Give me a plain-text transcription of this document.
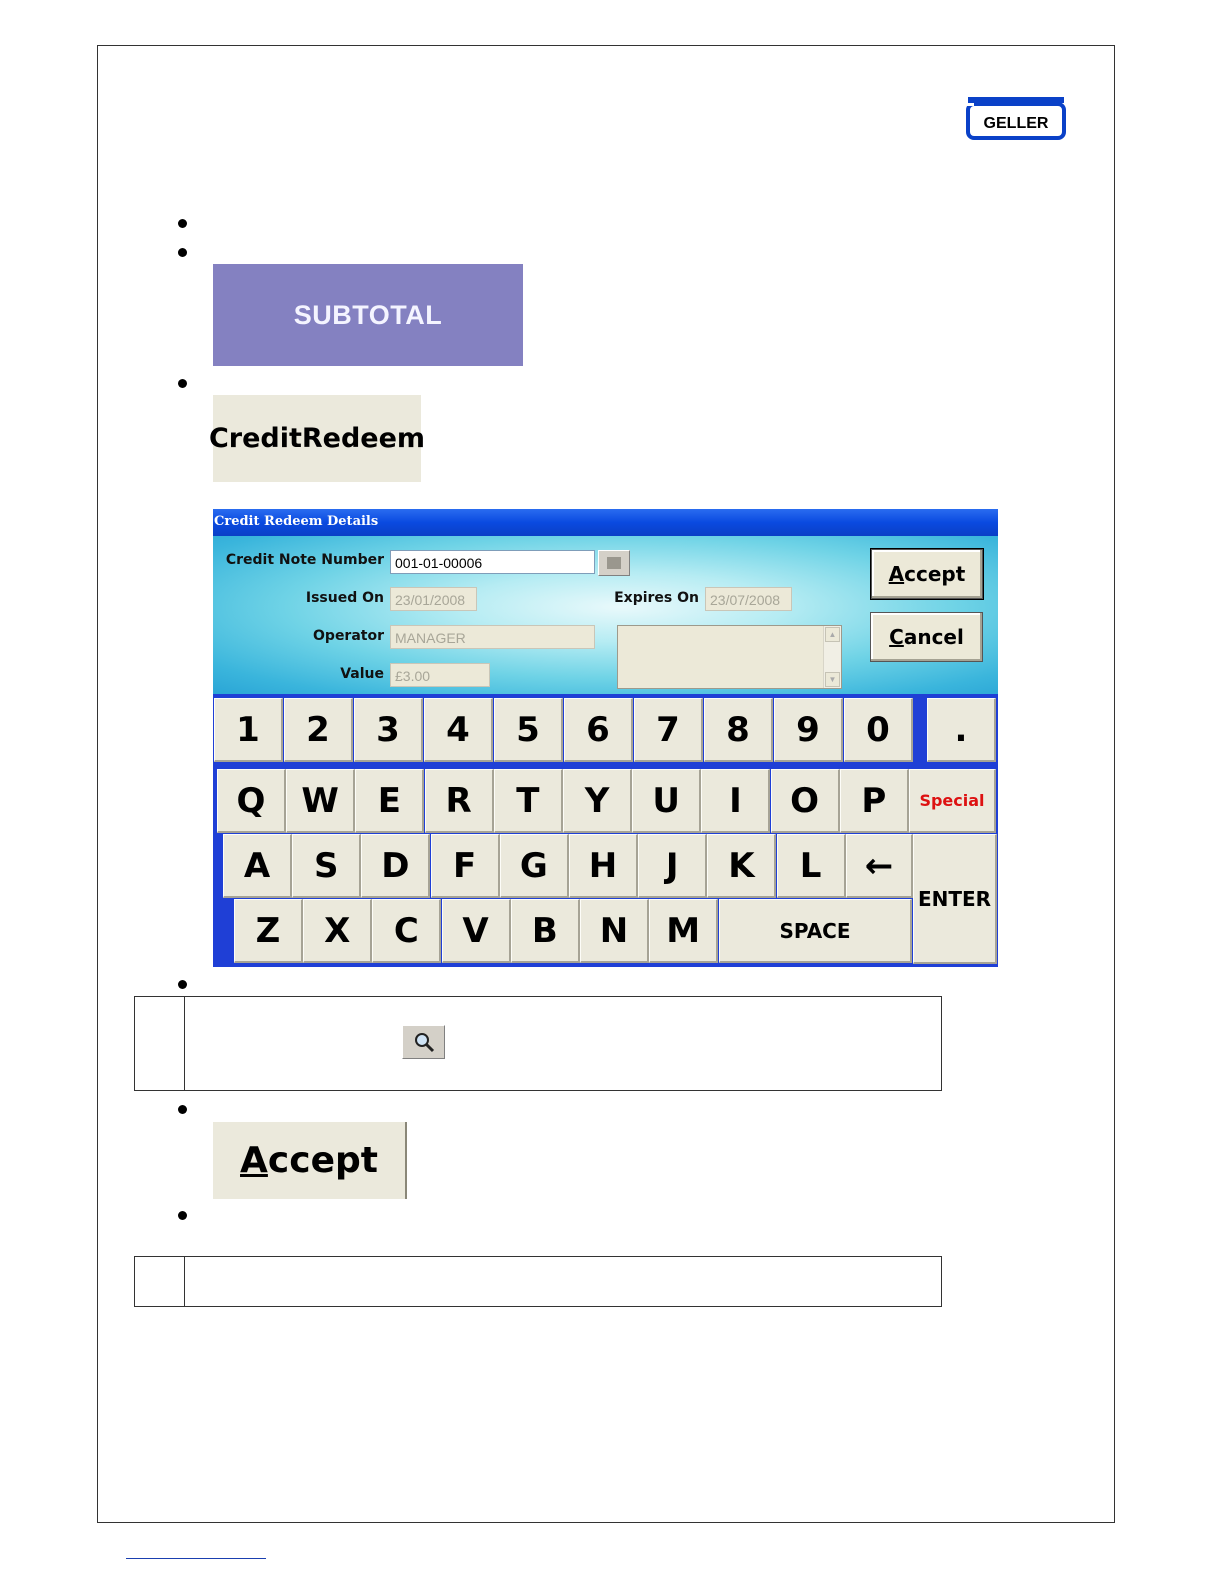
GELLER
SUBTOTAL
CreditRedeem
Credit Redeem Details
Credit Note Number 001-01-00006
Issued On 23/01/2008	Expires On 23/07/2008
Operator MANAGER
Value £3.00
▲
▼
A ccept
C ancel
1	2	3	4	5	6	7	8	9	0	.
Q	W	E	R	T	Y	U	I	O	P	Special
A	S	D	F	G	H	J	K	L	←
ENTER
Z	X	C	V	B	N	M	SPACE
Accept
